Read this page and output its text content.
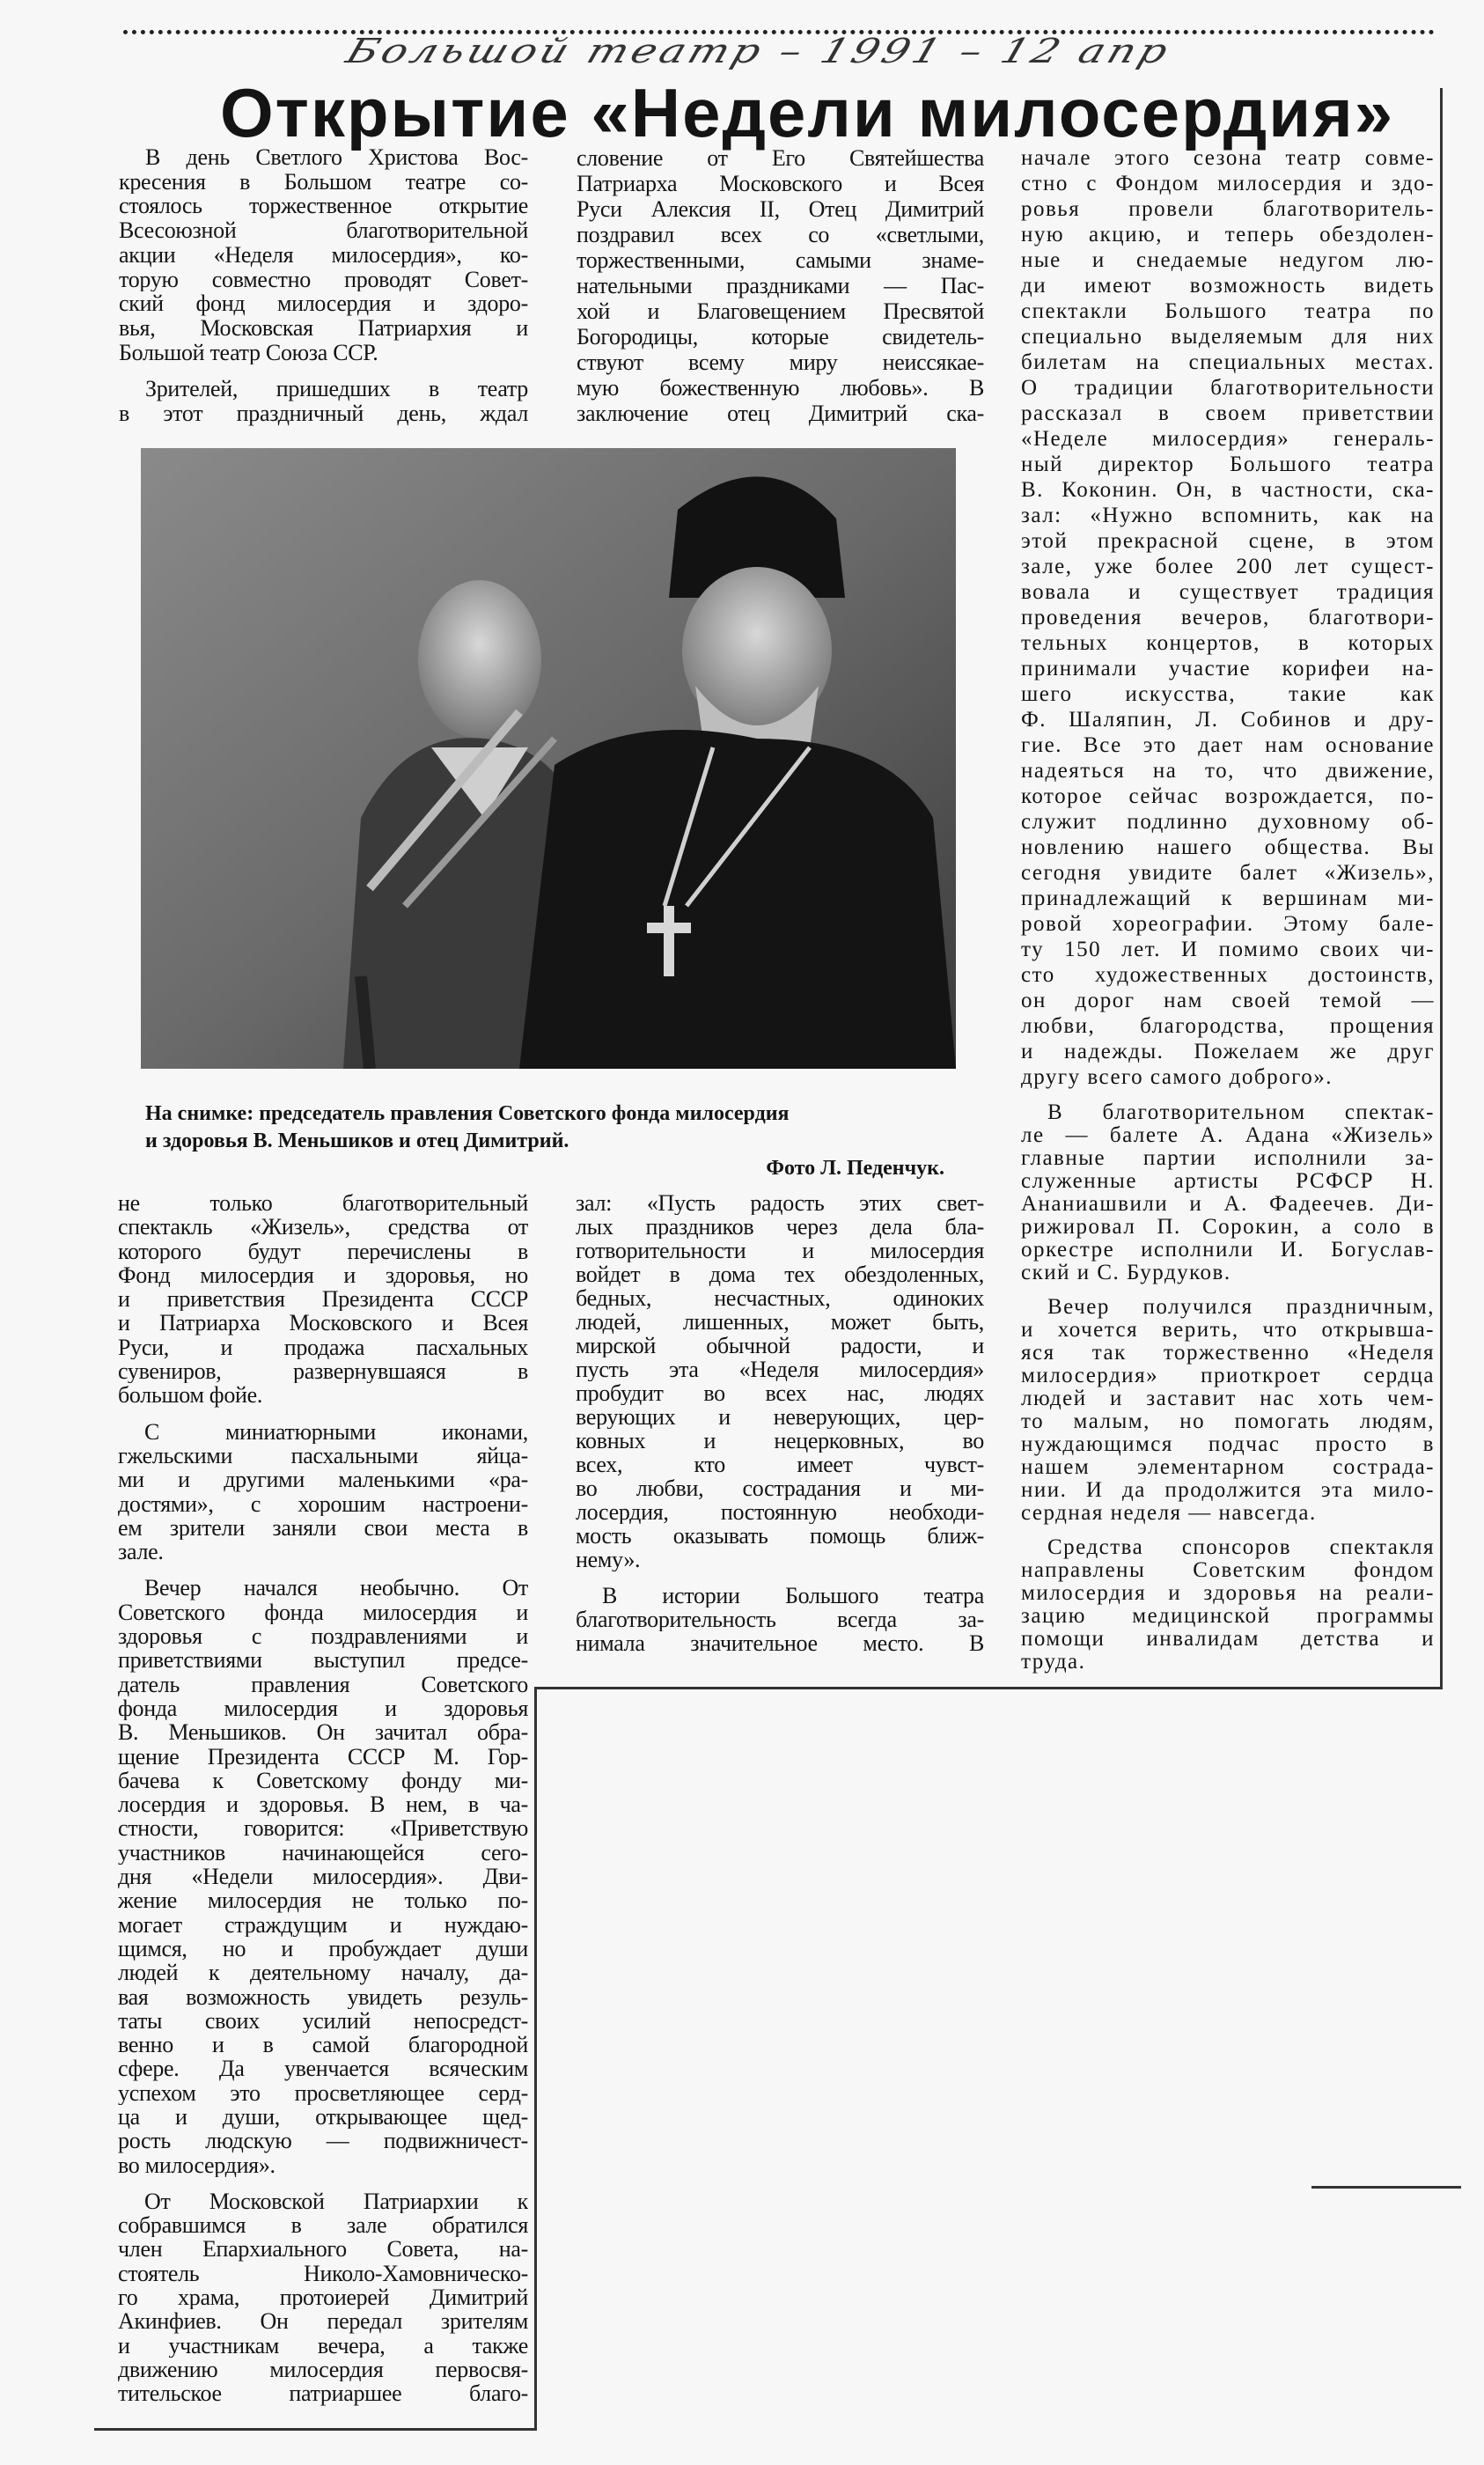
Большой театр – 1991 – 12 апр
Открытие «Недели милосердия»
В день Светлого Христова Вос-
кресения в Большом театре со-
стоялось торжественное открытие
Всесоюзной благотворительной
акции «Неделя милосердия», ко-
торую совместно проводят Совет-
ский фонд милосердия и здоро-
вья, Московская Патриархия и
Большой театр Союза ССР.
Зрителей, пришедших в театр
в этот праздничный день, ждал
словение от Его Святейшества
Патриарха Московского и Всея
Руси Алексия II, Отец Димитрий
поздравил всех со «светлыми,
торжественными, самыми знаме-
нательными праздниками — Пас-
хой и Благовещением Пресвятой
Богородицы, которые свидетель-
ствуют всему миру неиссякае-
мую божественную любовь». В
заключение отец Димитрий ска-
начале этого сезона театр совме-
стно с Фондом милосердия и здо-
ровья провели благотворитель-
ную акцию, и теперь обездолен-
ные и снедаемые недугом лю-
ди имеют возможность видеть
спектакли Большого театра по
специально выделяемым для них
билетам на специальных местах.
О традиции благотворительности
рассказал в своем приветствии
«Неделе милосердия» генераль-
ный директор Большого театра
В. Коконин. Он, в частности, ска-
зал: «Нужно вспомнить, как на
этой прекрасной сцене, в этом
зале, уже более 200 лет сущест-
вовала и существует традиция
проведения вечеров, благотвори-
тельных концертов, в которых
принимали участие корифеи на-
шего искусства, такие как
Ф. Шаляпин, Л. Собинов и дру-
гие. Все это дает нам основание
надеяться на то, что движение,
которое сейчас возрождается, по-
служит подлинно духовному об-
новлению нашего общества. Вы
сегодня увидите балет «Жизель»,
принадлежащий к вершинам ми-
ровой хореографии. Этому бале-
ту 150 лет. И помимо своих чи-
сто художественных достоинств,
он дорог нам своей темой —
любви, благородства, прощения
и надежды. Пожелаем же друг
другу всего самого доброго».
В благотворительном спектак-
ле — балете А. Адана «Жизель»
главные партии исполнили за-
служенные артисты РСФСР Н.
Ананиашвили и А. Фадеечев. Ди-
рижировал П. Сорокин, а соло в
оркестре исполнили И. Богуслав-
ский и С. Бурдуков.
Вечер получился праздничным,
и хочется верить, что открывша-
яся так торжественно «Неделя
милосердия» приоткроет сердца
людей и заставит нас хоть чем-
то малым, но помогать людям,
нуждающимся подчас просто в
нашем элементарном сострада-
нии. И да продолжится эта мило-
сердная неделя — навсегда.
Средства спонсоров спектакля
направлены Советским фондом
милосердия и здоровья на реали-
зацию медицинской программы
помощи инвалидам детства и
труда.
На снимке: председатель правления Советского фонда милосердия
и здоровья В. Меньшиков и отец Димитрий.
Фото Л. Педенчук.
не только благотворительный
спектакль «Жизель», средства от
которого будут перечислены в
Фонд милосердия и здоровья, но
и приветствия Президента СССР
и Патриарха Московского и Всея
Руси, и продажа пасхальных
сувениров, развернувшаяся в
большом фойе.
С миниатюрными иконами,
гжельскими пасхальными яйца-
ми и другими маленькими «ра-
достями», с хорошим настроени-
ем зрители заняли свои места в
зале.
Вечер начался необычно. От
Советского фонда милосердия и
здоровья с поздравлениями и
приветствиями выступил предсе-
датель правления Советского
фонда милосердия и здоровья
В. Меньшиков. Он зачитал обра-
щение Президента СССР М. Гор-
бачева к Советскому фонду ми-
лосердия и здоровья. В нем, в ча-
стности, говорится: «Приветствую
участников начинающейся сего-
дня «Недели милосердия». Дви-
жение милосердия не только по-
могает страждущим и нуждаю-
щимся, но и пробуждает души
людей к деятельному началу, да-
вая возможность увидеть резуль-
таты своих усилий непосредст-
венно и в самой благородной
сфере. Да увенчается всяческим
успехом это просветляющее серд-
ца и души, открывающее щед-
рость людскую — подвижничест-
во милосердия».
От Московской Патриархии к
собравшимся в зале обратился
член Епархиального Совета, на-
стоятель Николо-Хамовническо-
го храма, протоиерей Димитрий
Акинфиев. Он передал зрителям
и участникам вечера, а также
движению милосердия первосвя-
тительское патриаршее благо-
зал: «Пусть радость этих свет-
лых праздников через дела бла-
готворительности и милосердия
войдет в дома тех обездоленных,
бедных, несчастных, одиноких
людей, лишенных, может быть,
мирской обычной радости, и
пусть эта «Неделя милосердия»
пробудит во всех нас, людях
верующих и неверующих, цер-
ковных и нецерковных, во
всех, кто имеет чувст-
во любви, сострадания и ми-
лосердия, постоянную необходи-
мость оказывать помощь ближ-
нему».
В истории Большого театра
благотворительность всегда за-
нимала значительное место. В
